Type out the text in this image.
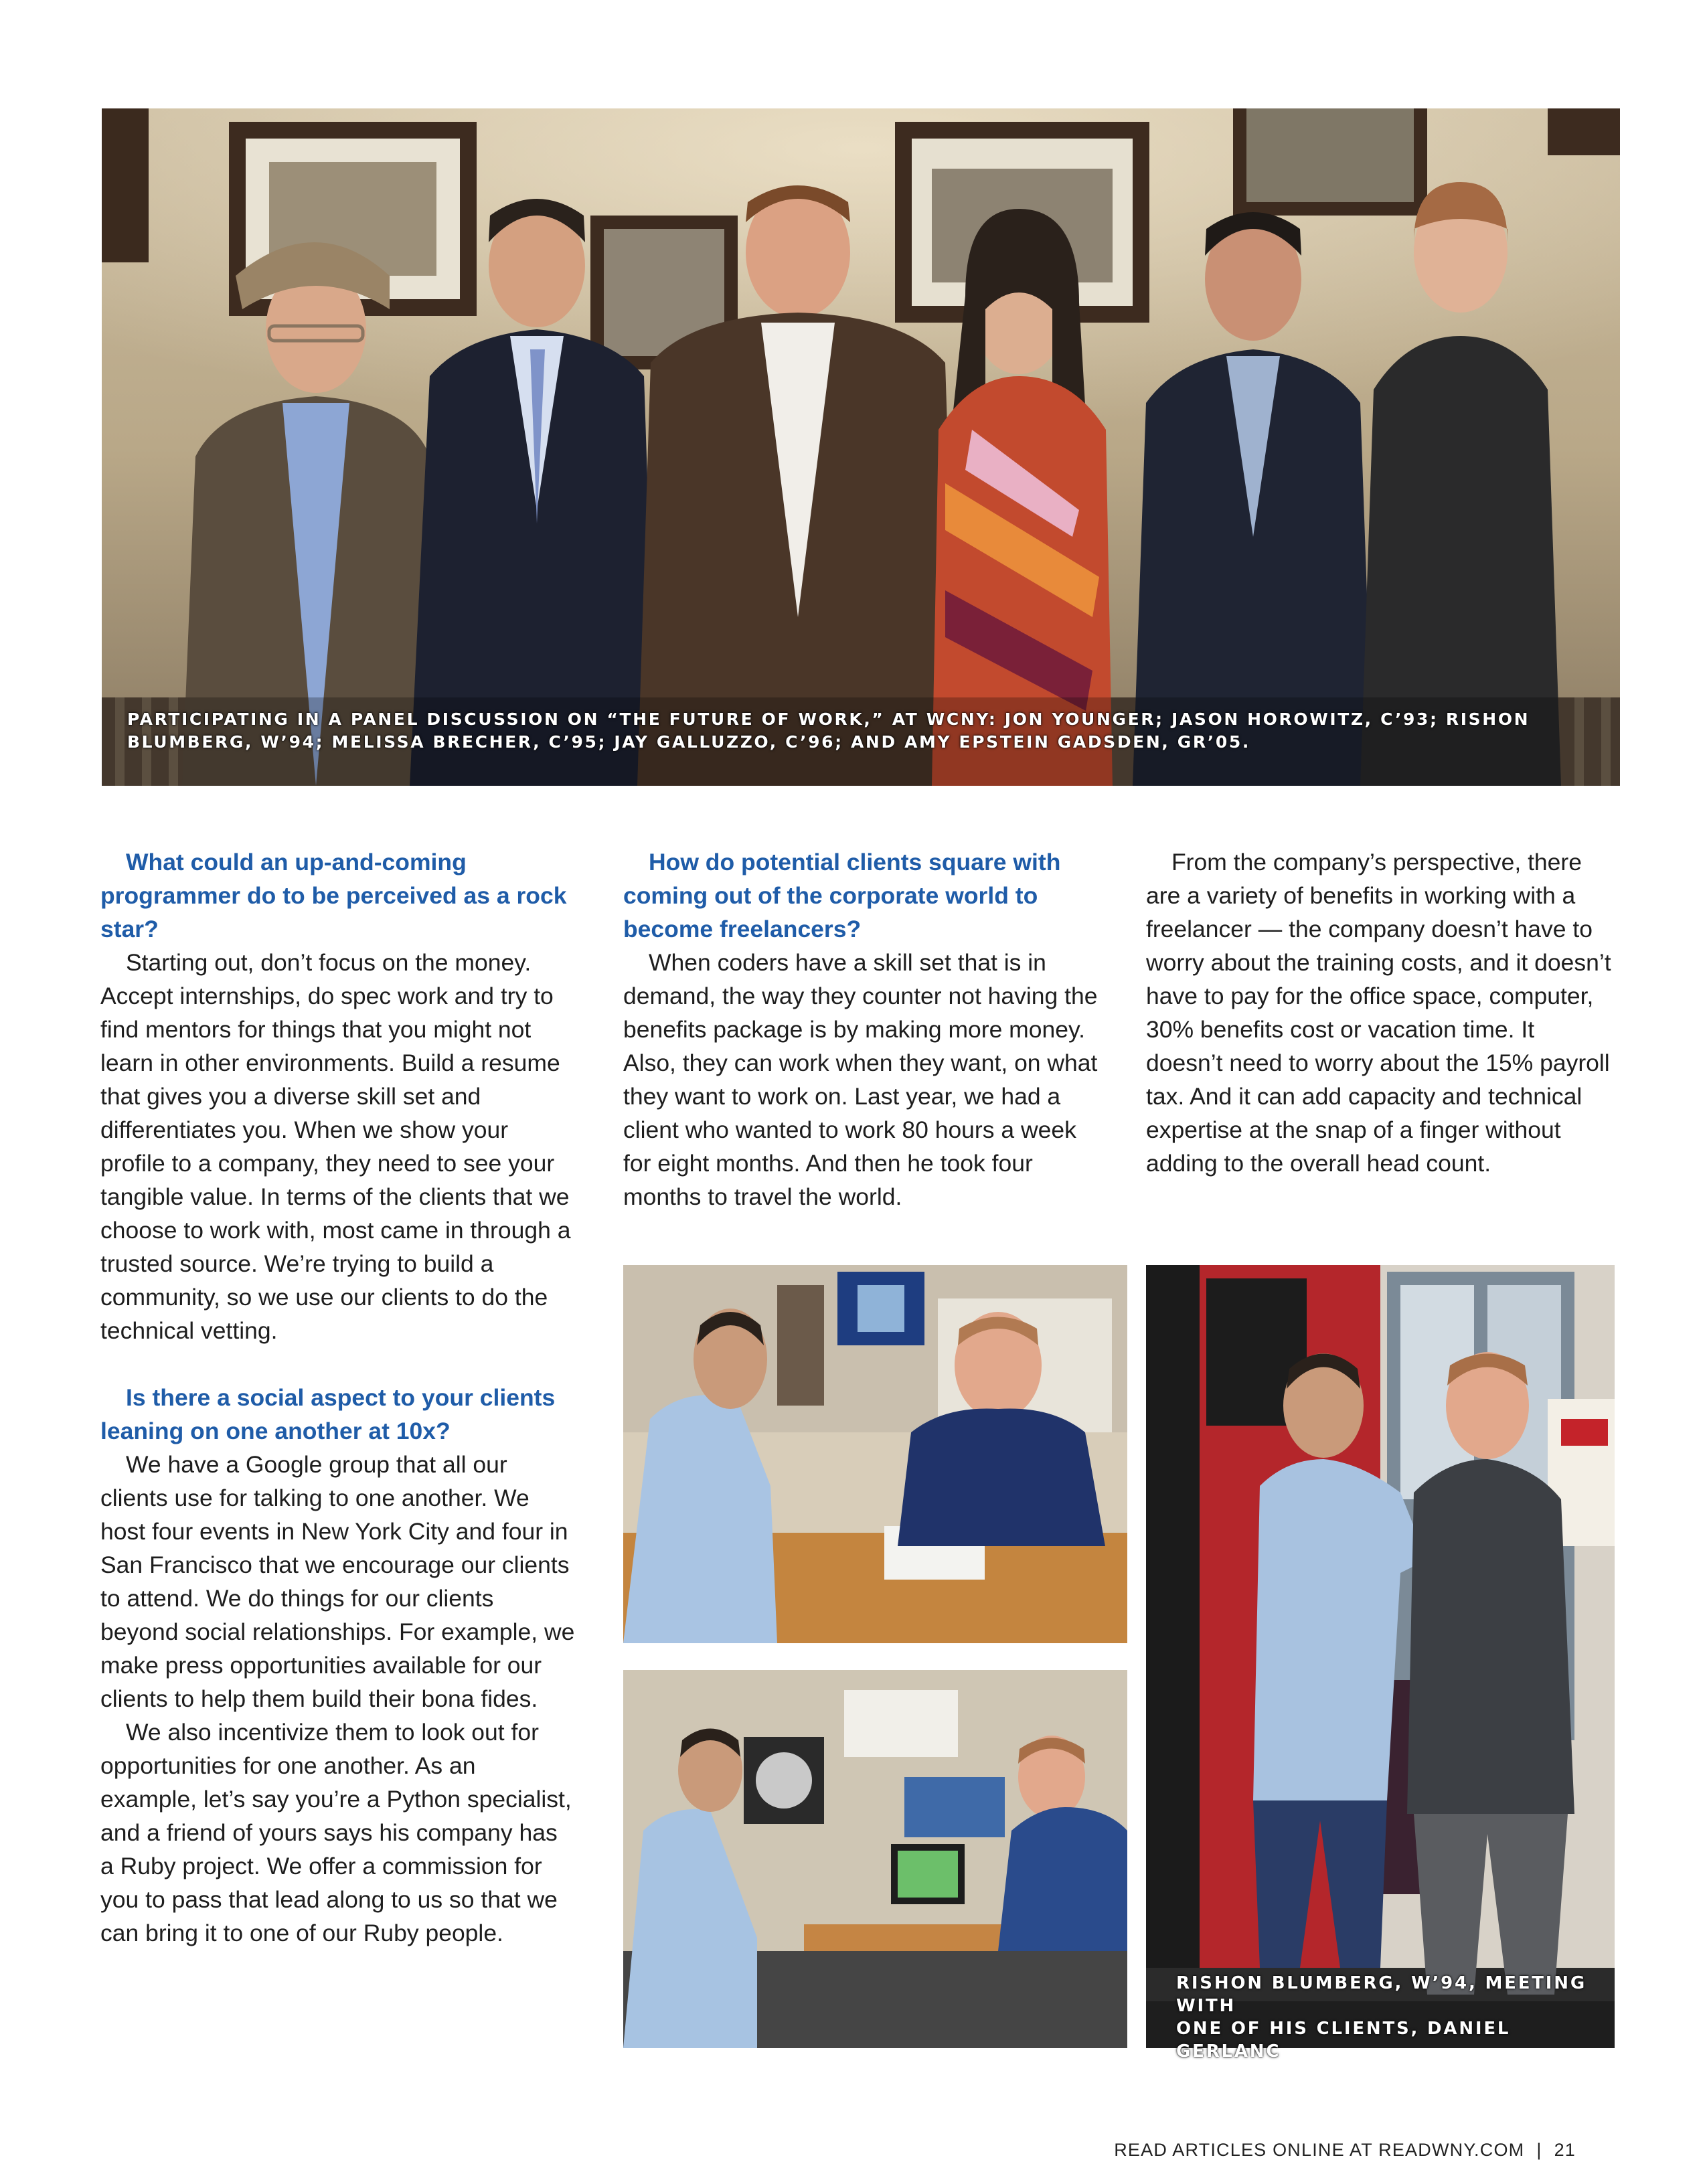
PARTICIPATING IN A PANEL DISCUSSION ON “THE FUTURE OF WORK,” AT WCNY: JON YOUNGER; JASON HOROWITZ, C’93; RISHON BLUMBERG, W’94; MELISSA BRECHER, C’95; JAY GALLUZZO, C’96; AND AMY EPSTEIN GADSDEN, GR’05.

What could an up-and-coming programmer do to be perceived as a rock star?

Starting out, don’t focus on the money. Accept internships, do spec work and try to find mentors for things that you might not learn in other environments. Build a resume that gives you a diverse skill set and differentiates you. When we show your profile to a company, they need to see your tangible value. In terms of the clients that we choose to work with, most came in through a trusted source. We’re trying to build a community, so we use our clients to do the technical vetting.

Is there a social aspect to your clients leaning on one another at 10x?

We have a Google group that all our clients use for talking to one another. We host four events in New York City and four in San Francisco that we encourage our clients to attend. We do things for our clients beyond social relationships. For example, we make press opportunities available for our clients to help them build their bona fides.

We also incentivize them to look out for opportunities for one another. As an example, let’s say you’re a Python specialist, and a friend of yours says his company has a Ruby project. We offer a commission for you to pass that lead along to us so that we can bring it to one of our Ruby people.

How do potential clients square with coming out of the corporate world to become freelancers?

When coders have a skill set that is in demand, the way they counter not having the benefits package is by making more money. Also, they can work when they want, on what they want to work on. Last year, we had a client who wanted to work 80 hours a week for eight months. And then he took four months to travel the world.

From the company’s perspective, there are a variety of benefits in working with a freelancer — the company doesn’t have to worry about the training costs, and it doesn’t have to pay for the office space, computer, 30% benefits cost or vacation time. It doesn’t need to worry about the 15% payroll tax. And it can add capacity and technical expertise at the snap of a finger without adding to the overall head count.

RISHON BLUMBERG, W’94, MEETING WITH
ONE OF HIS CLIENTS, DANIEL GERLANC
READ ARTICLES ONLINE AT READWNY.COM | 21
